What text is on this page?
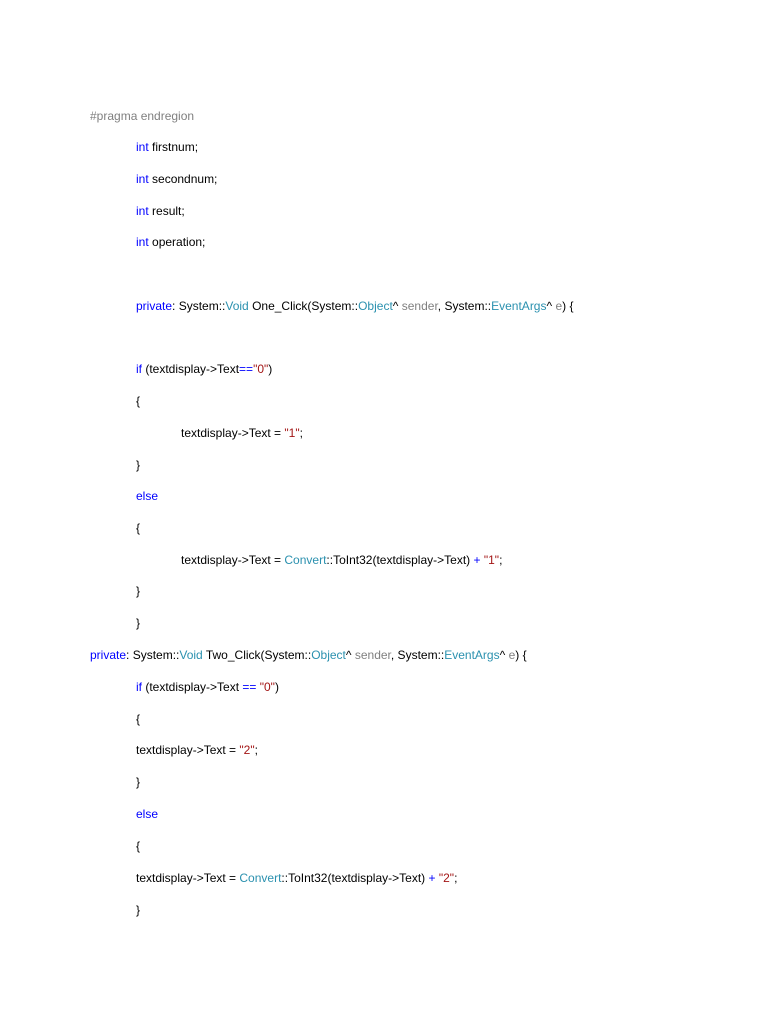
#pragma endregion
int firstnum;
int secondnum;
int result;
int operation;
private: System::Void One_Click(System::Object^ sender, System::EventArgs^ e) {
if (textdisplay->Text=="0")
{
textdisplay->Text = "1";
}
else
{
textdisplay->Text = Convert::ToInt32(textdisplay->Text) + "1";
}
}
private: System::Void Two_Click(System::Object^ sender, System::EventArgs^ e) {
if (textdisplay->Text == "0")
{
textdisplay->Text = "2";
}
else
{
textdisplay->Text = Convert::ToInt32(textdisplay->Text) + "2";
}
